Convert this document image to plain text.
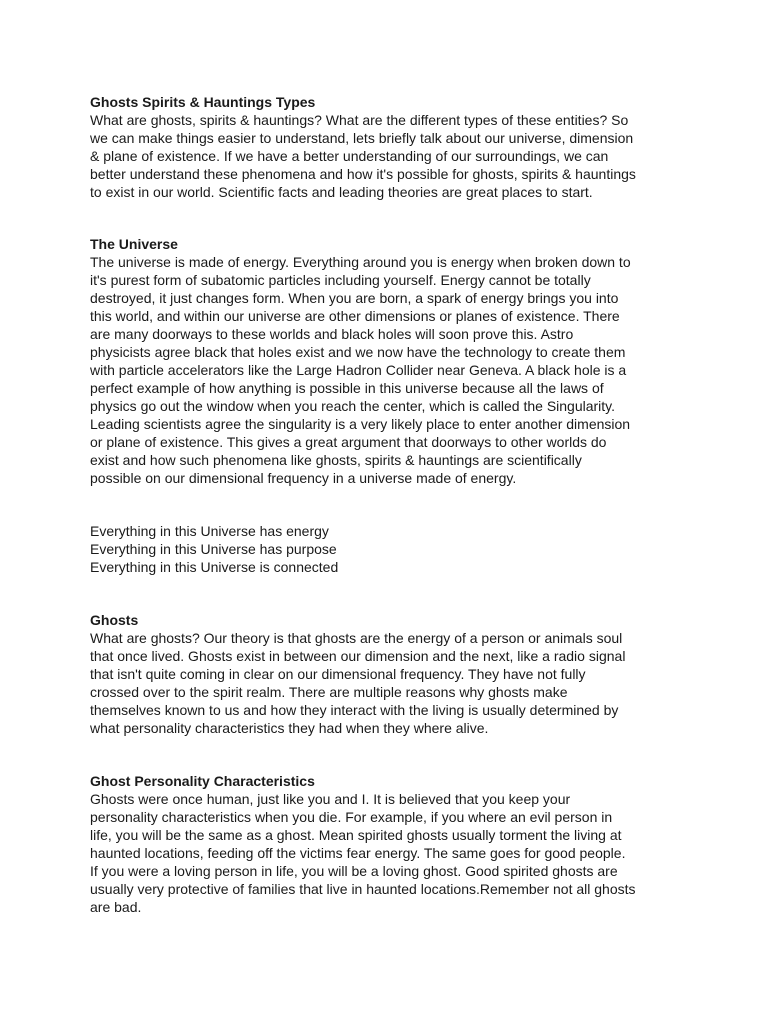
Ghosts Spirits & Hauntings Types
What are ghosts, spirits & hauntings? What are the different types of these entities? So
we can make things easier to understand, lets briefly talk about our universe, dimension
& plane of existence. If we have a better understanding of our surroundings, we can
better understand these phenomena and how it's possible for ghosts, spirits & hauntings
to exist in our world. Scientific facts and leading theories are great places to start.
The Universe
The universe is made of energy. Everything around you is energy when broken down to
it's purest form of subatomic particles including yourself. Energy cannot be totally
destroyed, it just changes form. When you are born, a spark of energy brings you into
this world, and within our universe are other dimensions or planes of existence. There
are many doorways to these worlds and black holes will soon prove this. Astro
physicists agree black that holes exist and we now have the technology to create them
with particle accelerators like the Large Hadron Collider near Geneva. A black hole is a
perfect example of how anything is possible in this universe because all the laws of
physics go out the window when you reach the center, which is called the Singularity.
Leading scientists agree the singularity is a very likely place to enter another dimension
or plane of existence. This gives a great argument that doorways to other worlds do
exist and how such phenomena like ghosts, spirits & hauntings are scientifically
possible on our dimensional frequency in a universe made of energy.
Everything in this Universe has energy
Everything in this Universe has purpose
Everything in this Universe is connected
Ghosts
What are ghosts? Our theory is that ghosts are the energy of a person or animals soul
that once lived. Ghosts exist in between our dimension and the next, like a radio signal
that isn't quite coming in clear on our dimensional frequency. They have not fully
crossed over to the spirit realm. There are multiple reasons why ghosts make
themselves known to us and how they interact with the living is usually determined by
what personality characteristics they had when they where alive.
Ghost Personality Characteristics
Ghosts were once human, just like you and I. It is believed that you keep your
personality characteristics when you die. For example, if you where an evil person in
life, you will be the same as a ghost. Mean spirited ghosts usually torment the living at
haunted locations, feeding off the victims fear energy. The same goes for good people.
If you were a loving person in life, you will be a loving ghost. Good spirited ghosts are
usually very protective of families that live in haunted locations.Remember not all ghosts
are bad.
